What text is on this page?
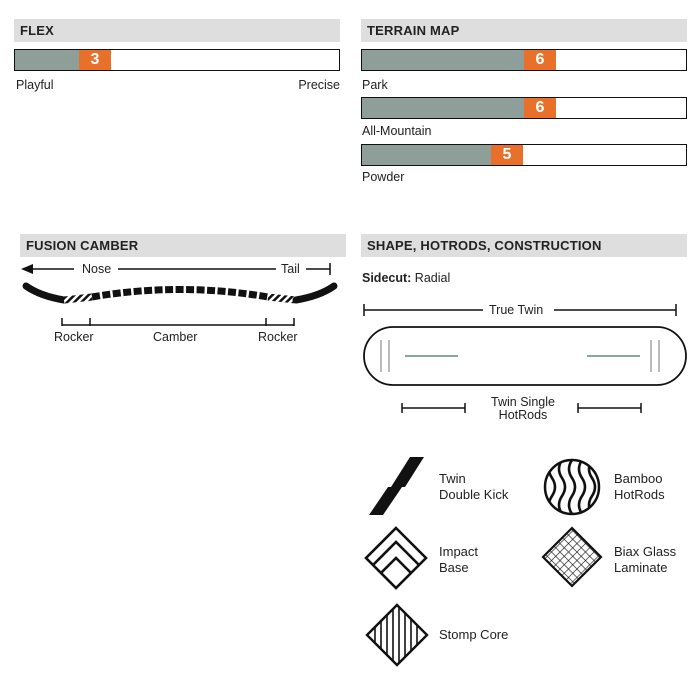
FLEX
3
Playful	Precise
TERRAIN MAP
6
Park
6
All-Mountain
5
Powder
FUSION CAMBER
Nose	Tail
Rocker	Camber	Rocker
SHAPE, HOTRODS, CONSTRUCTION
Sidecut: Radial
True Twin
Twin Single
HotRods
Twin
Double Kick
Bamboo
HotRods
Impact
Base
Biax Glass
Laminate
Stomp Core
